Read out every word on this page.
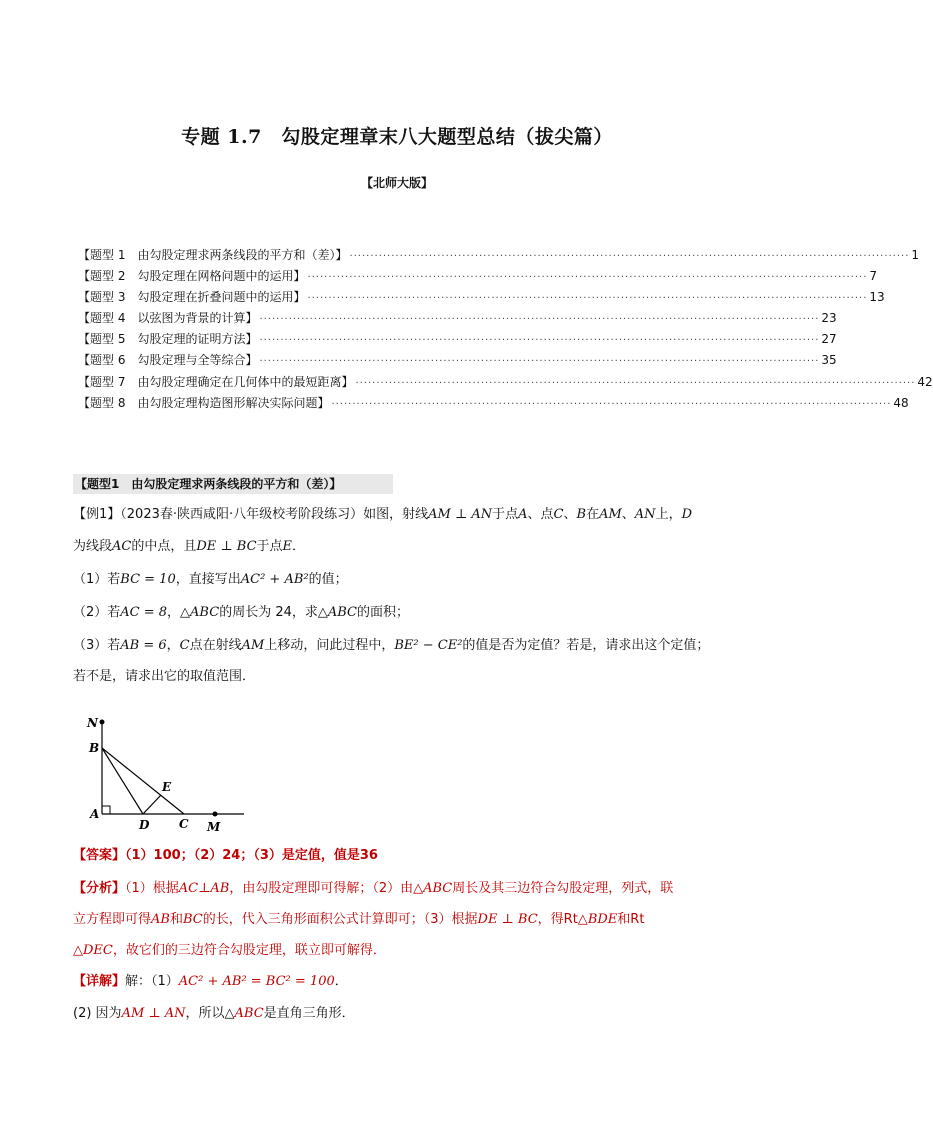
专题 1.7　勾股定理章末八大题型总结（拔尖篇）
【北师大版】
【题型 1　由勾股定理求两条线段的平方和（差）】 ······································································································································ 1
【题型 2　勾股定理在网格问题中的运用】 ······································································································································ 7
【题型 3　勾股定理在折叠问题中的运用】 ······································································································································ 13
【题型 4　以弦图为背景的计算】 ······································································································································ 23
【题型 5　勾股定理的证明方法】 ······································································································································ 27
【题型 6　勾股定理与全等综合】 ······································································································································ 35
【题型 7　由勾股定理确定在几何体中的最短距离】 ······································································································································ 42
【题型 8　由勾股定理构造图形解决实际问题】 ······································································································································ 48
【题型1　由勾股定理求两条线段的平方和（差）】
【例1】（2023春·陕西咸阳·八年级校考阶段练习）如图，射线AM ⊥ AN于点A、点C、B在AM、AN上，D
为线段AC的中点，且DE ⊥ BC于点E．
（1）若BC = 10，直接写出AC² + AB²的值；
（2）若AC = 8，△ABC的周长为 24，求△ABC的面积；
（3）若AB = 6，C点在射线AM上移动，问此过程中，BE² − CE²的值是否为定值？若是，请求出这个定值；
若不是，请求出它的取值范围．
N
B
E
A
D C M
【答案】（1）100；（2）24；（3）是定值，值是36
【分析】（1）根据AC⊥AB，由勾股定理即可得解；（2）由△ABC周长及其三边符合勾股定理，列式，联
立方程即可得AB和BC的长，代入三角形面积公式计算即可；（3）根据DE ⊥ BC，得Rt△BDE和Rt
△DEC，故它们的三边符合勾股定理，联立即可解得．
【详解】解：（1）AC² + AB² = BC² = 100．
(2) 因为AM ⊥ AN，所以△ABC是直角三角形．
